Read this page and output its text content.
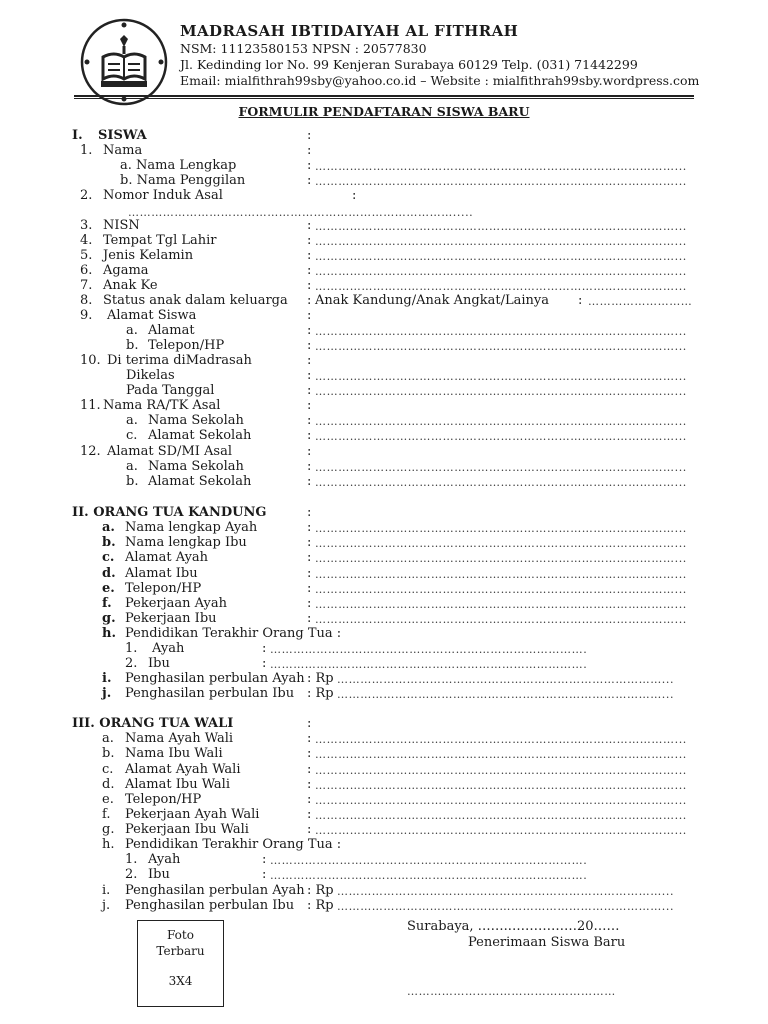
MADRASAH IBTIDAIYAH AL FITHRAH
NSM: 11123580153 NPSN : 20577830
Jl. Kedinding lor No. 99 Kenjeran Surabaya 60129 Telp. (031) 71442299
Email: mialfithrah99sby@yahoo.co.id – Website : mialfithrah99sby.wordpress.com
FORMULIR PENDAFTARAN SISWA BARU
I. SISWA	:
1. Nama	:
a. Nama Lengkap	: …………………………………………………………………………………...
b. Nama Penggilan	: …………………………………………………………………………………...
2. Nomor Induk Asal	:
………………………………………………………………………….....
3. NISN	: …………………………………………………………………………………...
4. Tempat Tgl Lahir	: …………………………………………………………………………………...
5. Jenis Kelamin	: …………………………………………………………………………………...
6. Agama	: …………………………………………………………………………………...
7. Anak Ke	: …………………………………………………………………………………...
8. Status anak dalam keluarga : Anak Kandung/Anak Angkat/Lainya : ………………………
9. Alamat Siswa	:
a. Alamat	: …………………………………………………………………………………...
b. Telepon/HP	: …………………………………………………………………………………...
10. Di terima diMadrasah	:
Dikelas	: …………………………………………………………………………………...
Pada Tanggal	: …………………………………………………………………………………...
11. Nama RA/TK Asal	:
a. Nama Sekolah	: …………………………………………………………………………………...
c. Alamat Sekolah	: …………………………………………………………………………………...
12. Alamat SD/MI Asal	:
a. Nama Sekolah	: …………………………………………………………………………………...
b. Alamat Sekolah	: …………………………………………………………………………………...
II. ORANG TUA KANDUNG	:
a. Nama lengkap Ayah	: …………………………………………………………………………………...
b. Nama lengkap Ibu	: …………………………………………………………………………………...
c. Alamat Ayah	: …………………………………………………………………………………...
d. Alamat Ibu	: …………………………………………………………………………………...
e. Telepon/HP	: …………………………………………………………………………………...
f. Pekerjaan Ayah	: …………………………………………………………………………………...
g. Pekerjaan Ibu	: …………………………………………………………………………………...
h. Pendidikan Terakhir Orang Tua :
1. Ayah	: ……………………………………………………………………….
2. Ibu	: ……………………………………………………………………….
i. Penghasilan perbulan Ayah : Rp …………………………………………………………………………...
j. Penghasilan perbulan Ibu : Rp …………………………………………………………………………...
III. ORANG TUA WALI	:
a. Nama Ayah Wali	: …………………………………………………………………………………...
b. Nama Ibu Wali	: …………………………………………………………………………………...
c. Alamat Ayah Wali	: …………………………………………………………………………………...
d. Alamat Ibu Wali	: …………………………………………………………………………………...
e. Telepon/HP	: …………………………………………………………………………………...
f. Pekerjaan Ayah Wali	: …………………………………………………………………………………...
g. Pekerjaan Ibu Wali	: …………………………………………………………………………………...
h. Pendidikan Terakhir Orang Tua :
1. Ayah	: ……………………………………………………………………….
2. Ibu	: ……………………………………………………………………….
i. Penghasilan perbulan Ayah : Rp …………………………………………………………………………...
j. Penghasilan perbulan Ibu : Rp …………………………………………………………………………...
Foto
Terbaru
3X4
Surabaya, ……..……………20……
Penerimaan Siswa Baru
………………………………………………
